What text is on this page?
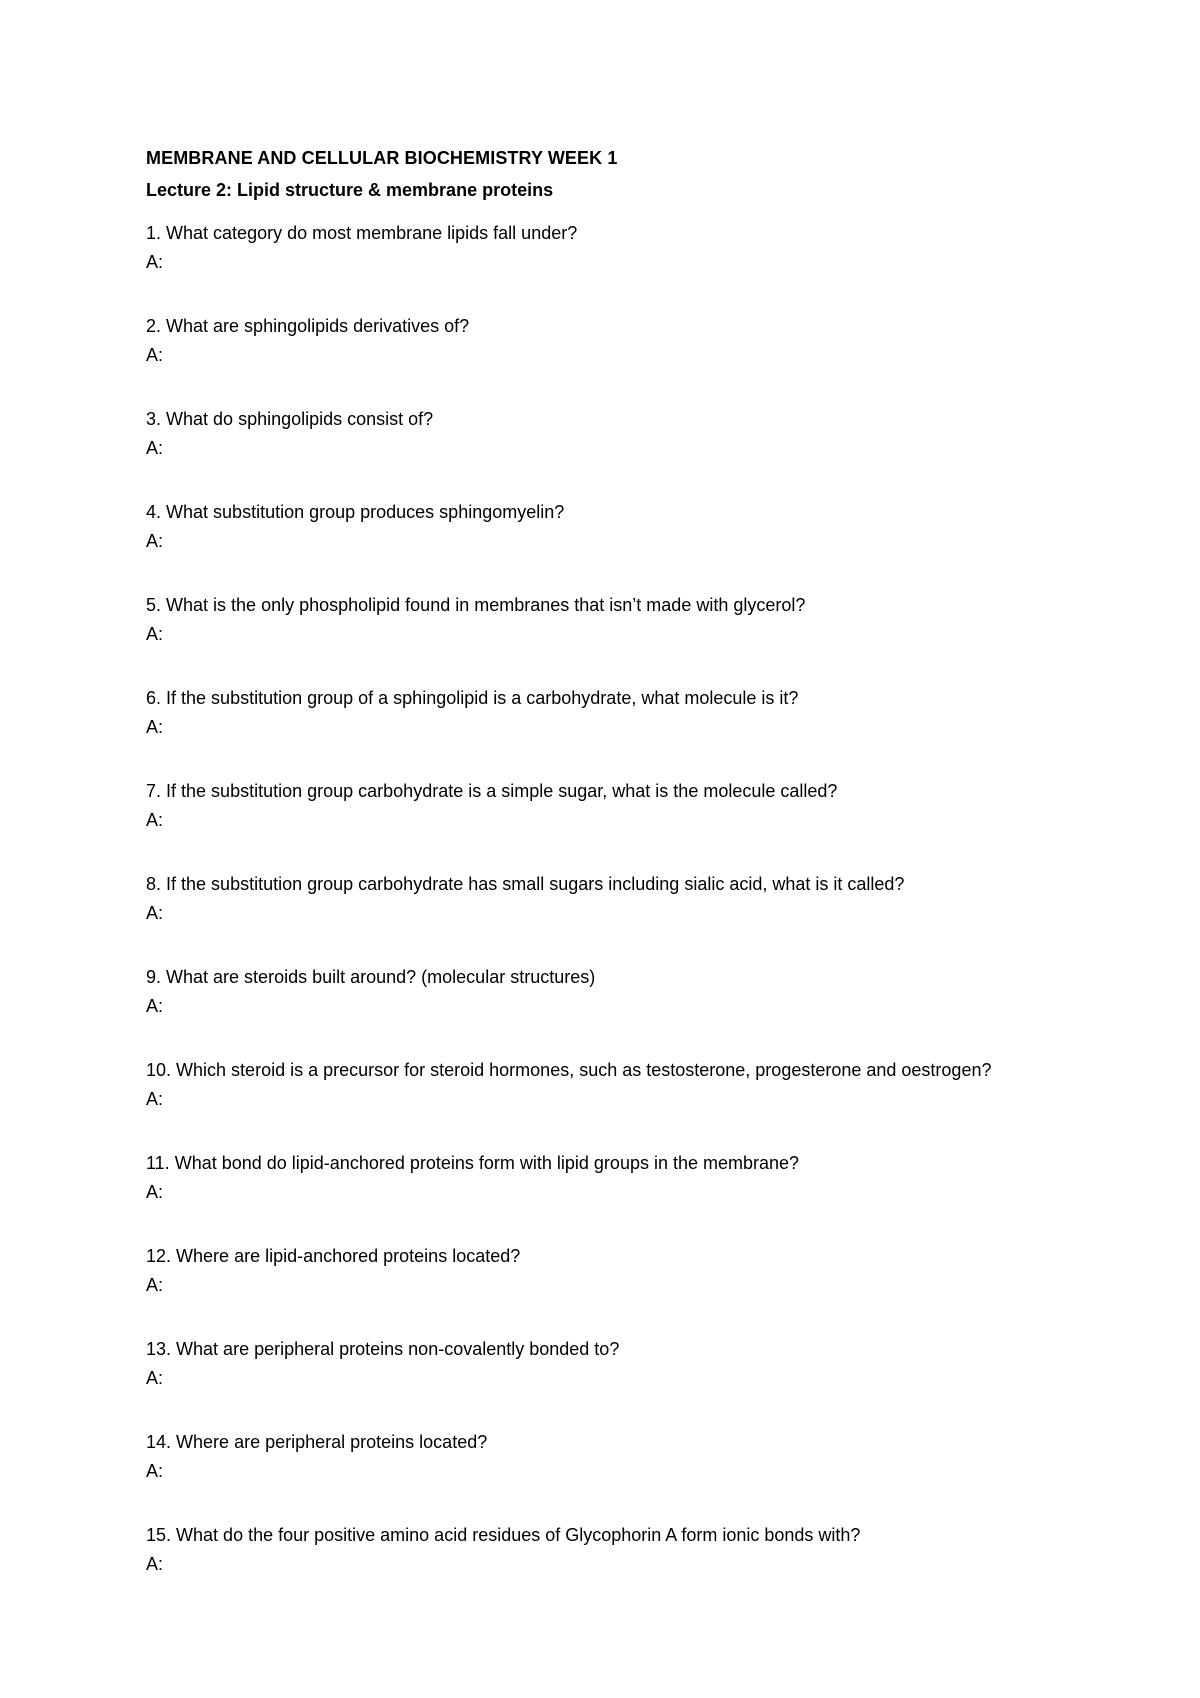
MEMBRANE AND CELLULAR BIOCHEMISTRY WEEK 1
Lecture 2: Lipid structure & membrane proteins

1. What category do most membrane lipids fall under?

A:

2. What are sphingolipids derivatives of?

A:

3. What do sphingolipids consist of?

A:

4. What substitution group produces sphingomyelin?

A:

5. What is the only phospholipid found in membranes that isn’t made with glycerol?

A:

6. If the substitution group of a sphingolipid is a carbohydrate, what molecule is it?

A:

7. If the substitution group carbohydrate is a simple sugar, what is the molecule called?

A:

8. If the substitution group carbohydrate has small sugars including sialic acid, what is it called?

A:

9. What are steroids built around? (molecular structures)

A:

10. Which steroid is a precursor for steroid hormones, such as testosterone, progesterone and oestrogen?

A:

11. What bond do lipid-anchored proteins form with lipid groups in the membrane?

A:

12. Where are lipid-anchored proteins located?

A:

13. What are peripheral proteins non-covalently bonded to?

A:

14. Where are peripheral proteins located?

A:

15. What do the four positive amino acid residues of Glycophorin A form ionic bonds with?

A:
